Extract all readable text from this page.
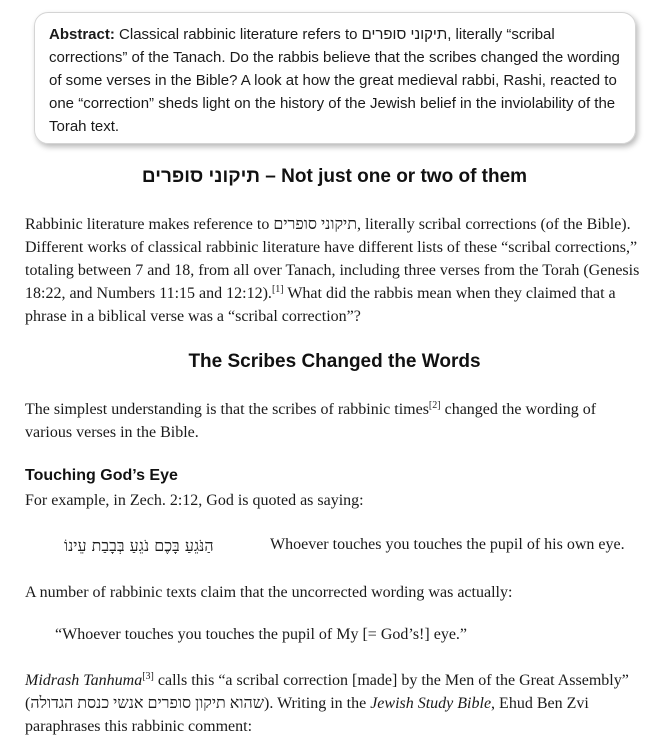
Abstract: Classical rabbinic literature refers to תיקוני סופרים, literally “scribal corrections” of the Tanach. Do the rabbis believe that the scribes changed the wording of some verses in the Bible? A look at how the great medieval rabbi, Rashi, reacted to one “correction” sheds light on the history of the Jewish belief in the inviolability of the Torah text.
תיקוני סופרים – Not just one or two of them
Rabbinic literature makes reference to תיקוני סופרים, literally scribal corrections (of the Bible). Different works of classical rabbinic literature have different lists of these “scribal corrections,” totaling between 7 and 18, from all over Tanach, including three verses from the Torah (Genesis 18:22, and Numbers 11:15 and 12:12).[1] What did the rabbis mean when they claimed that a phrase in a biblical verse was a “scribal correction”?
The Scribes Changed the Words
The simplest understanding is that the scribes of rabbinic times[2] changed the wording of various verses in the Bible.
Touching God’s Eye
For example, in Zech. 2:12, God is quoted as saying:
הַנֹּגֵעַ בָּכֶם נֹגֵעַ בְּבָבַת עֵינוֹ	Whoever touches you touches the pupil of his own eye.
A number of rabbinic texts claim that the uncorrected wording was actually:
“Whoever touches you touches the pupil of My [= God’s!] eye.”
Midrash Tanhuma[3] calls this “a scribal correction [made] by the Men of the Great Assembly” (שהוא תיקון סופרים אנשי כנסת הגדולה). Writing in the Jewish Study Bible, Ehud Ben Zvi paraphrases this rabbinic comment:
